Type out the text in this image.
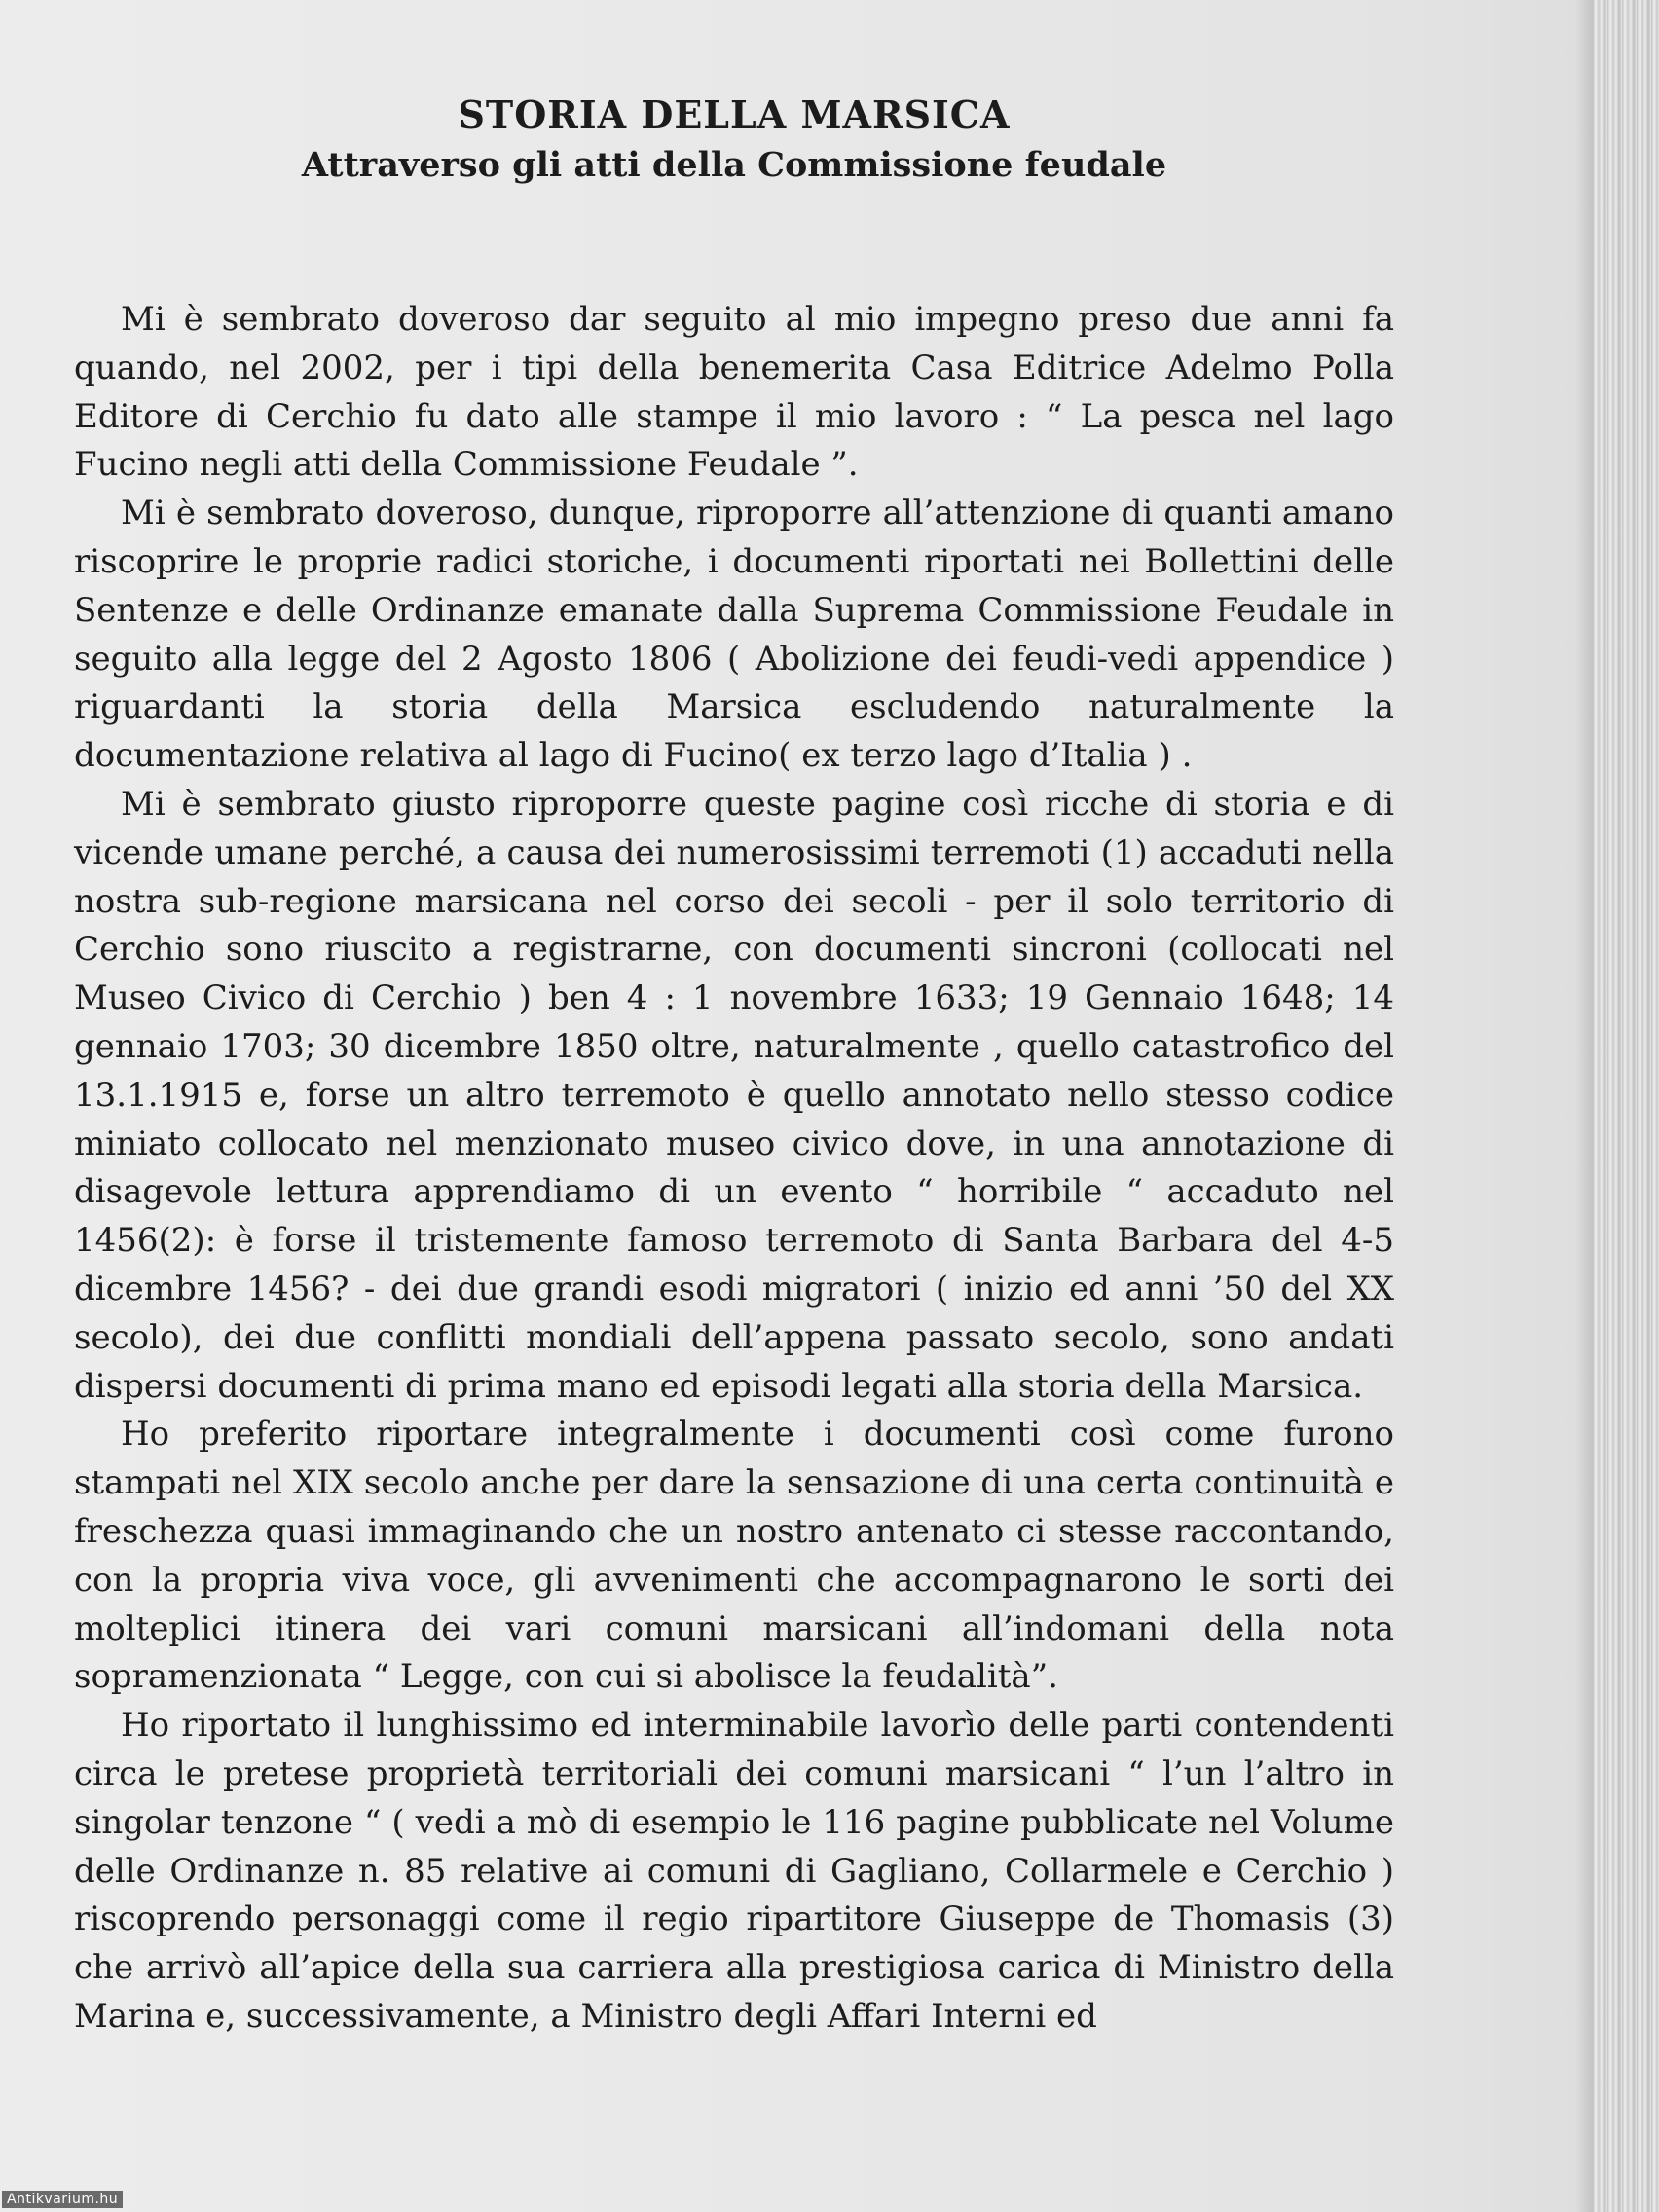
STORIA DELLA MARSICA
Attraverso gli atti della Commissione feudale

Mi è sembrato doveroso dar seguito al mio impegno preso due anni fa quando, nel 2002, per i tipi della benemerita Casa Editrice Adelmo Polla Editore di Cerchio fu dato alle stampe il mio lavoro : “ La pesca nel lago Fucino negli atti della Commissione Feudale ”.

Mi è sembrato doveroso, dunque, riproporre all’attenzione di quanti amano riscoprire le proprie radici storiche, i documenti riportati nei Bollettini delle Sentenze e delle Ordinanze emanate dalla Suprema Commissione Feudale in seguito alla legge del 2 Agosto 1806 ( Abolizione dei feudi-vedi appendice ) riguardanti la storia della Marsica escludendo naturalmente la documentazione relativa al lago di Fucino( ex terzo lago d’Italia ) .

Mi è sembrato giusto riproporre queste pagine così ricche di storia e di vicende umane perché, a causa dei numerosissimi terremoti (1) accaduti nella nostra sub-regione marsicana nel corso dei secoli - per il solo territorio di Cerchio sono riuscito a registrarne, con documenti sincroni (collocati nel Museo Civico di Cerchio ) ben 4 : 1 novembre 1633; 19 Gennaio 1648; 14 gennaio 1703; 30 dicembre 1850 oltre, naturalmente , quello catastrofico del 13.1.1915 e, forse un altro terremoto è quello annotato nello stesso codice miniato collocato nel menzionato museo civico dove, in una annotazione di disagevole lettura apprendiamo di un evento “ horribile “ accaduto nel 1456(2): è forse il tristemente famoso terremoto di Santa Barbara del 4-5 dicembre 1456? - dei due grandi esodi migratori ( inizio ed anni ’50 del XX secolo), dei due conflitti mondiali dell’appena passato secolo, sono andati dispersi documenti di prima mano ed episodi legati alla storia della Marsica.

Ho preferito riportare integralmente i documenti così come furono stampati nel XIX secolo anche per dare la sensazione di una certa continuità e freschezza quasi immaginando che un nostro antenato ci stesse raccontando, con la propria viva voce, gli avvenimenti che accompagnarono le sorti dei molteplici itinera dei vari comuni marsicani all’indomani della nota sopramenzionata “ Legge, con cui si abolisce la feudalità”.

Ho riportato il lunghissimo ed interminabile lavorìo delle parti contendenti circa le pretese proprietà territoriali dei comuni marsicani “ l’un l’altro in singolar tenzone “ ( vedi a mò di esempio le 116 pagine pubblicate nel Volume delle Ordinanze n. 85 relative ai comuni di Gagliano, Collarmele e Cerchio ) riscoprendo personaggi come il regio ripartitore Giuseppe de Thomasis (3) che arrivò all’apice della sua carriera alla prestigiosa carica di Ministro della Marina e, successivamente, a Ministro degli Affari Interni ed

Antikvarium.hu
